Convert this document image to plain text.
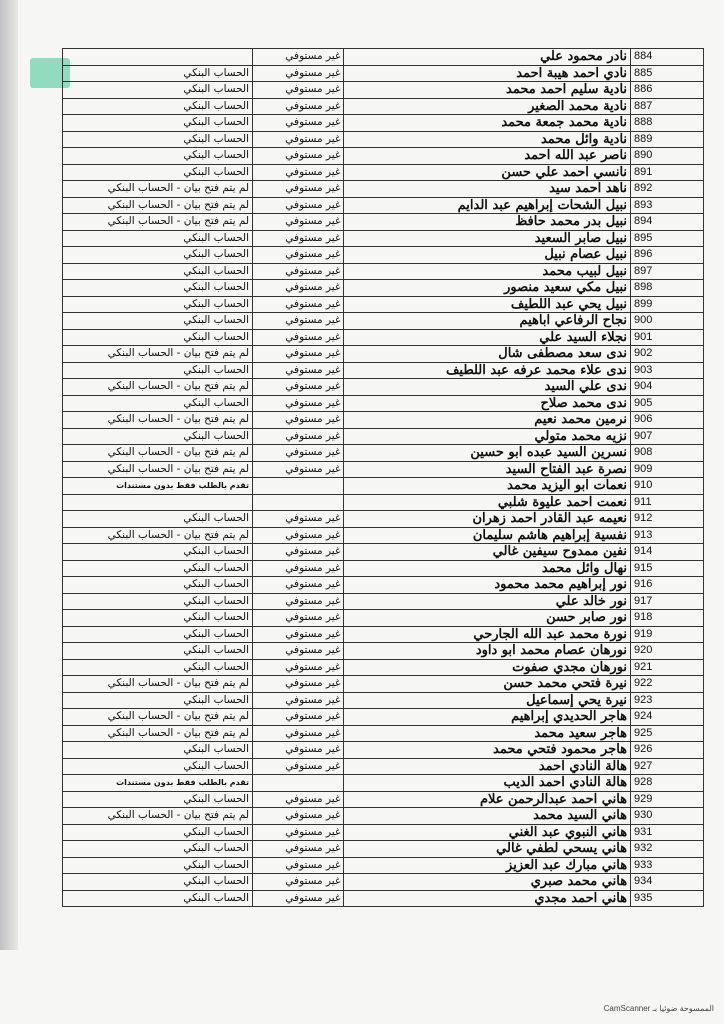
	غير مستوفي	نادر محمود علي	884
الحساب البنكي	غير مستوفي	نادي احمد هيبة احمد	885
الحساب البنكي	غير مستوفي	نادية سليم احمد محمد	886
الحساب البنكي	غير مستوفي	نادية محمد الصغير	887
الحساب البنكي	غير مستوفي	نادية محمد جمعة محمد	888
الحساب البنكي	غير مستوفي	نادية وائل محمد	889
الحساب البنكي	غير مستوفي	ناصر عبد الله احمد	890
الحساب البنكي	غير مستوفي	نانسي احمد علي حسن	891
لم يتم فتح بيان - الحساب البنكي	غير مستوفي	ناهد احمد سيد	892
لم يتم فتح بيان - الحساب البنكي	غير مستوفي	نبيل الشحات إبراهيم عبد الدايم	893
لم يتم فتح بيان - الحساب البنكي	غير مستوفي	نبيل بدر محمد حافظ	894
الحساب البنكي	غير مستوفي	نبيل صابر السعيد	895
الحساب البنكي	غير مستوفي	نبيل عصام نبيل	896
الحساب البنكي	غير مستوفي	نبيل لبيب محمد	897
الحساب البنكي	غير مستوفي	نبيل مكي سعيد منصور	898
الحساب البنكي	غير مستوفي	نبيل يحي عبد اللطيف	899
الحساب البنكي	غير مستوفي	نجاح الرفاعي اباهيم	900
الحساب البنكي	غير مستوفي	نجلاء السيد علي	901
لم يتم فتح بيان - الحساب البنكي	غير مستوفي	ندى سعد مصطفى شال	902
الحساب البنكي	غير مستوفي	ندى علاء محمد عرفه عبد اللطيف	903
لم يتم فتح بيان - الحساب البنكي	غير مستوفي	ندى علي السيد	904
الحساب البنكي	غير مستوفي	ندى محمد صلاح	905
لم يتم فتح بيان - الحساب البنكي	غير مستوفي	نرمين محمد نعيم	906
الحساب البنكي	غير مستوفي	نزيه محمد متولي	907
لم يتم فتح بيان - الحساب البنكي	غير مستوفي	نسرين السيد عبده ابو حسين	908
لم يتم فتح بيان - الحساب البنكي	غير مستوفي	نصرة عبد الفتاح السيد	909
تقدم بالطلب فقط بدون مستندات		نعمات ابو اليزيد محمد	910
		نعمت احمد عليوة شلبي	911
الحساب البنكي	غير مستوفي	نعيمه عبد القادر احمد زهران	912
لم يتم فتح بيان - الحساب البنكي	غير مستوفي	نفسية إبراهيم هاشم سليمان	913
الحساب البنكي	غير مستوفي	نفين ممدوح سيفين غالي	914
الحساب البنكي	غير مستوفي	نهال وائل محمد	915
الحساب البنكي	غير مستوفي	نور إبراهيم محمد محمود	916
الحساب البنكي	غير مستوفي	نور خالد علي	917
الحساب البنكي	غير مستوفي	نور صابر حسن	918
الحساب البنكي	غير مستوفي	نورة محمد عبد الله الجارحي	919
الحساب البنكي	غير مستوفي	نورهان عصام محمد ابو داود	920
الحساب البنكي	غير مستوفي	نورهان مجدي صفوت	921
لم يتم فتح بيان - الحساب البنكي	غير مستوفي	نيرة فتحي محمد حسن	922
الحساب البنكي	غير مستوفي	نيرة يحي إسماعيل	923
لم يتم فتح بيان - الحساب البنكي	غير مستوفي	هاجر الحديدي إبراهيم	924
لم يتم فتح بيان - الحساب البنكي	غير مستوفي	هاجر سعيد محمد	925
الحساب البنكي	غير مستوفي	هاجر محمود فتحي محمد	926
الحساب البنكي	غير مستوفي	هالة النادي احمد	927
تقدم بالطلب فقط بدون مستندات		هالة النادي احمد الديب	928
الحساب البنكي	غير مستوفي	هاني احمد عبدالرحمن علام	929
لم يتم فتح بيان - الحساب البنكي	غير مستوفي	هاني السيد محمد	930
الحساب البنكي	غير مستوفي	هاني النبوي عبد الغني	931
الحساب البنكي	غير مستوفي	هاني يسحي لطفي غالي	932
الحساب البنكي	غير مستوفي	هاني مبارك عبد العزيز	933
الحساب البنكي	غير مستوفي	هاني محمد صبري	934
الحساب البنكي	غير مستوفي	هاني احمد مجدي	935
CamScanner الممسوحة ضوئيا بـ
